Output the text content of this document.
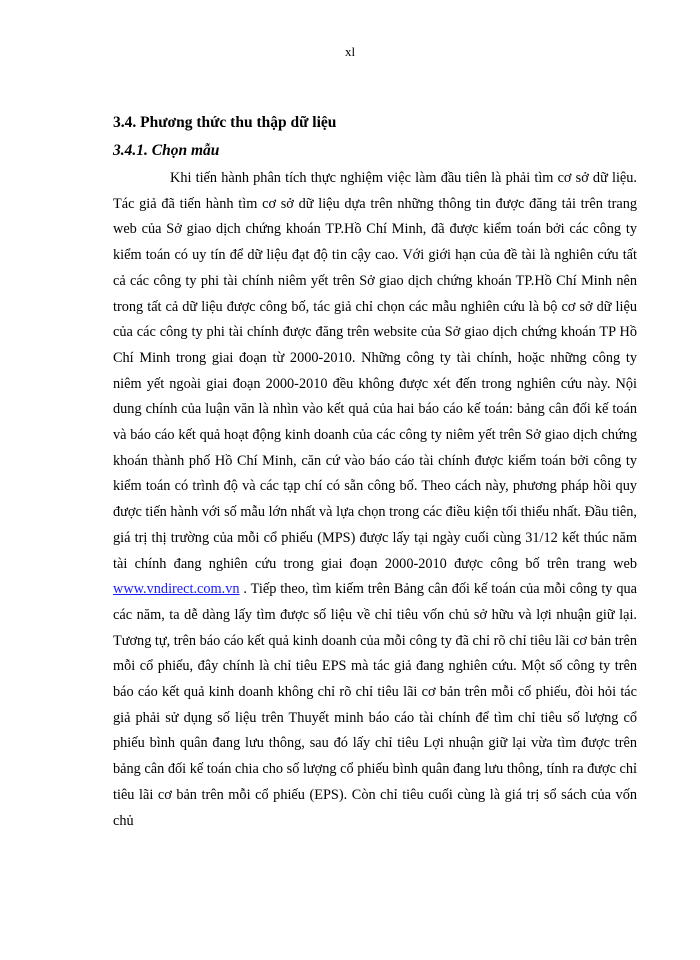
xl
3.4. Phương thức thu thập dữ liệu
3.4.1. Chọn mẫu

Khi tiến hành phân tích thực nghiệm việc làm đầu tiên là phải tìm cơ sở dữ liệu. Tác giả đã tiến hành tìm cơ sở dữ liệu dựa trên những thông tin được đăng tải trên trang web của Sở giao dịch chứng khoán TP.Hồ Chí Minh, đã được kiểm toán bởi các công ty kiểm toán có uy tín để dữ liệu đạt độ tin cậy cao. Với giới hạn của đề tài là nghiên cứu tất cả các công ty phi tài chính niêm yết trên Sở giao dịch chứng khoán TP.Hồ Chí Minh nên trong tất cả dữ liệu được công bố, tác giả chỉ chọn các mẫu nghiên cứu là bộ cơ sở dữ liệu của các công ty phi tài chính được đăng trên website của Sở giao dịch chứng khoán TP Hồ Chí Minh trong giai đoạn từ 2000-2010. Những công ty tài chính, hoặc những công ty niêm yết ngoài giai đoạn 2000-2010 đều không được xét đến trong nghiên cứu này. Nội dung chính của luận văn là nhìn vào kết quả của hai báo cáo kế toán: bảng cân đối kế toán và báo cáo kết quả hoạt động kinh doanh của các công ty niêm yết trên Sở giao dịch chứng khoán thành phố Hồ Chí Minh, căn cứ vào báo cáo tài chính được kiểm toán bởi công ty kiểm toán có trình độ và các tạp chí có sẵn công bố. Theo cách này, phương pháp hồi quy được tiến hành với số mẫu lớn nhất và lựa chọn trong các điều kiện tối thiểu nhất. Đầu tiên, giá trị thị trường của mỗi cổ phiếu (MPS) được lấy tại ngày cuối cùng 31/12 kết thúc năm tài chính đang nghiên cứu trong giai đoạn 2000-2010 được công bố trên trang web www.vndirect.com.vn . Tiếp theo, tìm kiếm trên Bảng cân đối kế toán của mỗi công ty qua các năm, ta dễ dàng lấy tìm được số liệu về chỉ tiêu vốn chủ sở hữu và lợi nhuận giữ lại. Tương tự, trên báo cáo kết quả kinh doanh của mỗi công ty đã chỉ rõ chỉ tiêu lãi cơ bản trên mỗi cổ phiếu, đây chính là chỉ tiêu EPS mà tác giả đang nghiên cứu. Một số công ty trên báo cáo kết quả kinh doanh không chỉ rõ chỉ tiêu lãi cơ bản trên mỗi cổ phiếu, đòi hỏi tác giả phải sử dụng số liệu trên Thuyết minh báo cáo tài chính để tìm chỉ tiêu số lượng cổ phiếu bình quân đang lưu thông, sau đó lấy chỉ tiêu Lợi nhuận giữ lại vừa tìm được trên bảng cân đối kế toán chia cho số lượng cổ phiếu bình quân đang lưu thông, tính ra được chỉ tiêu lãi cơ bản trên mỗi cổ phiếu (EPS). Còn chỉ tiêu cuối cùng là giá trị sổ sách của vốn chủ
